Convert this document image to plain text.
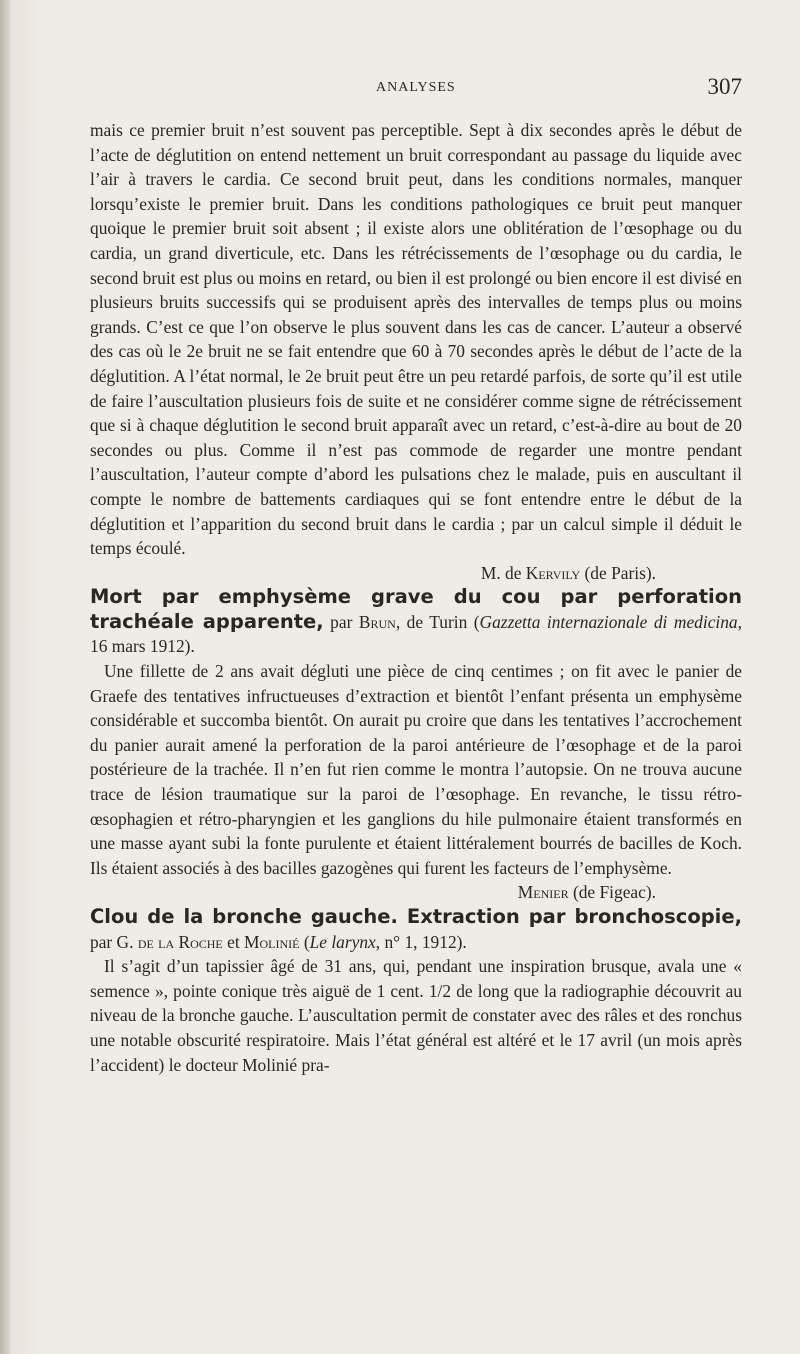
ANALYSES	307

mais ce premier bruit n’est souvent pas perceptible. Sept à dix secondes après le début de l’acte de déglutition on entend nettement un bruit correspondant au passage du liquide avec l’air à travers le cardia. Ce second bruit peut, dans les conditions normales, manquer lorsqu’existe le premier bruit. Dans les conditions pathologiques ce bruit peut manquer quoique le premier bruit soit absent ; il existe alors une oblitération de l’œsophage ou du cardia, un grand diverticule, etc. Dans les rétrécissements de l’œsophage ou du cardia, le second bruit est plus ou moins en retard, ou bien il est prolongé ou bien encore il est divisé en plusieurs bruits successifs qui se produisent après des intervalles de temps plus ou moins grands. C’est ce que l’on observe le plus souvent dans les cas de cancer. L’auteur a observé des cas où le 2e bruit ne se fait entendre que 60 à 70 secondes après le début de l’acte de la déglutition. A l’état normal, le 2e bruit peut être un peu retardé parfois, de sorte qu’il est utile de faire l’auscultation plusieurs fois de suite et ne considérer comme signe de rétrécissement que si à chaque déglutition le second bruit apparaît avec un retard, c’est-à-dire au bout de 20 secondes ou plus. Comme il n’est pas commode de regarder une montre pendant l’auscultation, l’auteur compte d’abord les pulsations chez le malade, puis en auscultant il compte le nombre de battements cardiaques qui se font entendre entre le début de la déglutition et l’apparition du second bruit dans le cardia ; par un calcul simple il déduit le temps écoulé.

M. de Kervily (de Paris).

Mort par emphysème grave du cou par perforation trachéale apparente, par Brun, de Turin (Gazzetta internazionale di medicina, 16 mars 1912).

Une fillette de 2 ans avait dégluti une pièce de cinq centimes ; on fit avec le panier de Graefe des tentatives infructueuses d’extraction et bientôt l’enfant présenta un emphysème considérable et succomba bientôt. On aurait pu croire que dans les tentatives l’accrochement du panier aurait amené la perforation de la paroi antérieure de l’œsophage et de la paroi postérieure de la trachée. Il n’en fut rien comme le montra l’autopsie. On ne trouva aucune trace de lésion traumatique sur la paroi de l’œsophage. En revanche, le tissu rétro-œsophagien et rétro-pharyngien et les ganglions du hile pulmonaire étaient transformés en une masse ayant subi la fonte purulente et étaient littéralement bourrés de bacilles de Koch. Ils étaient associés à des bacilles gazogènes qui furent les facteurs de l’emphysème.

Menier (de Figeac).

Clou de la bronche gauche. Extraction par bronchoscopie, par G. de la Roche et Molinié (Le larynx, n° 1, 1912).

Il s’agit d’un tapissier âgé de 31 ans, qui, pendant une inspiration brusque, avala une « semence », pointe conique très aiguë de 1 cent. 1/2 de long que la radiographie découvrit au niveau de la bronche gauche. L’auscultation permit de constater avec des râles et des ronchus une notable obscurité respiratoire. Mais l’état général est altéré et le 17 avril (un mois après l’accident) le docteur Molinié pra-
